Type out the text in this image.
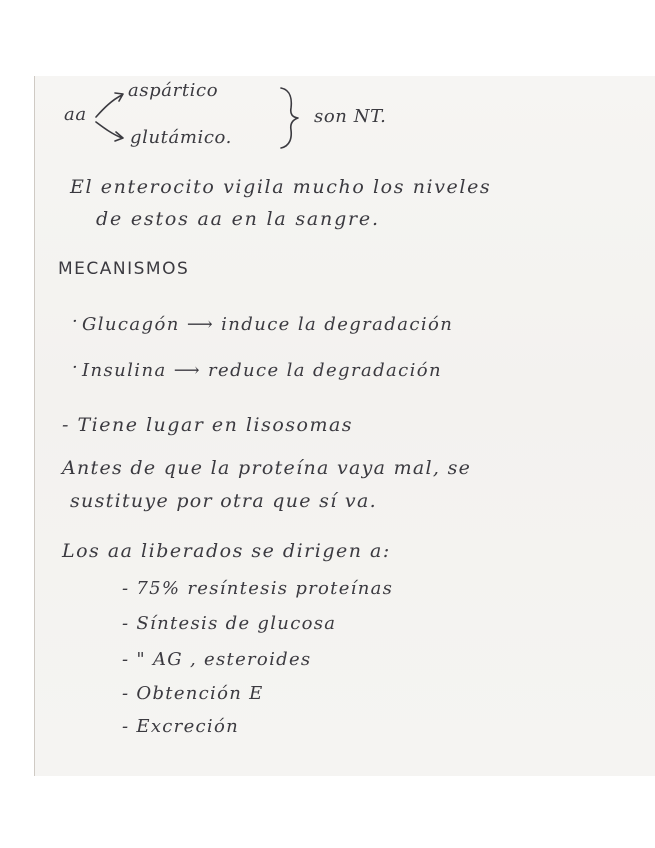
aa
aspártico
glutámico.
son NT.
El enterocito vigila mucho los niveles
de estos aa en la sangre.
MECANISMOS
· Glucagón ⟶ induce la degradación
· Insulina ⟶ reduce la degradación
- Tiene lugar en lisosomas
Antes de que la proteína vaya mal, se
sustituye por otra que sí va.
Los aa liberados se dirigen a:
- 75% resíntesis proteínas
- Síntesis de glucosa
- " AG , esteroides
- Obtención E
- Excreción
